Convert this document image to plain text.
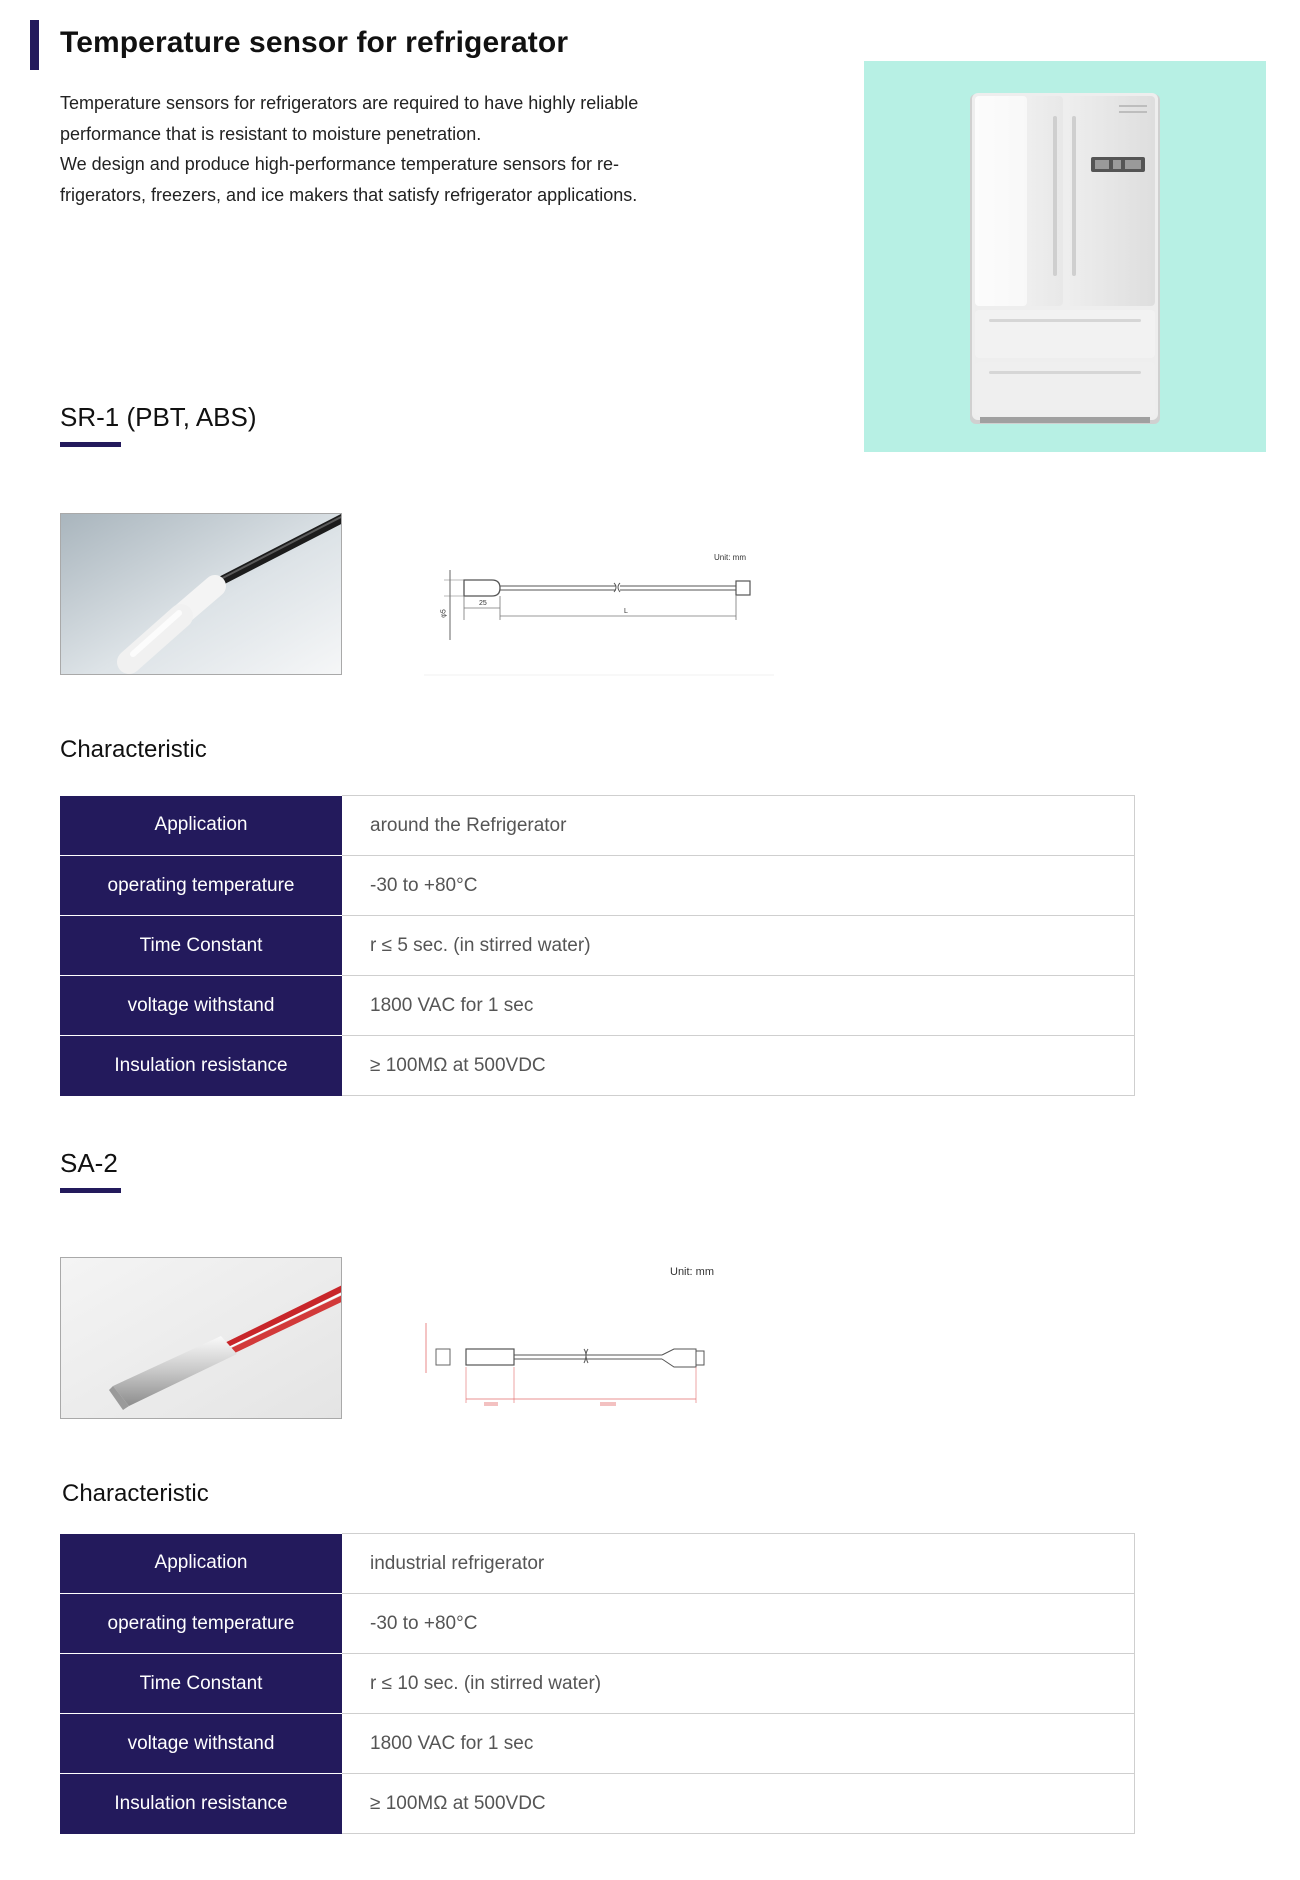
Temperature sensor for refrigerator

Temperature sensors for refrigerators are required to have highly reliable

performance that is resistant to moisture penetration.

We design and produce high-performance temperature sensors for re-

frigerators, freezers, and ice makers that satisfy refrigerator applications.

SR-1 (PBT, ABS)
Unit: mm
25
L
φ5
Characteristic
Application	around the Refrigerator
operating temperature	-30 to +80°C
Time Constant	r ≤ 5 sec. (in stirred water)
voltage withstand	1800 VAC for 1 sec
Insulation resistance	≥ 100MΩ at 500VDC
SA-2
Unit: mm
Characteristic
Application	industrial refrigerator
operating temperature	-30 to +80°C
Time Constant	r ≤ 10 sec. (in stirred water)
voltage withstand	1800 VAC for 1 sec
Insulation resistance	≥ 100MΩ at 500VDC
